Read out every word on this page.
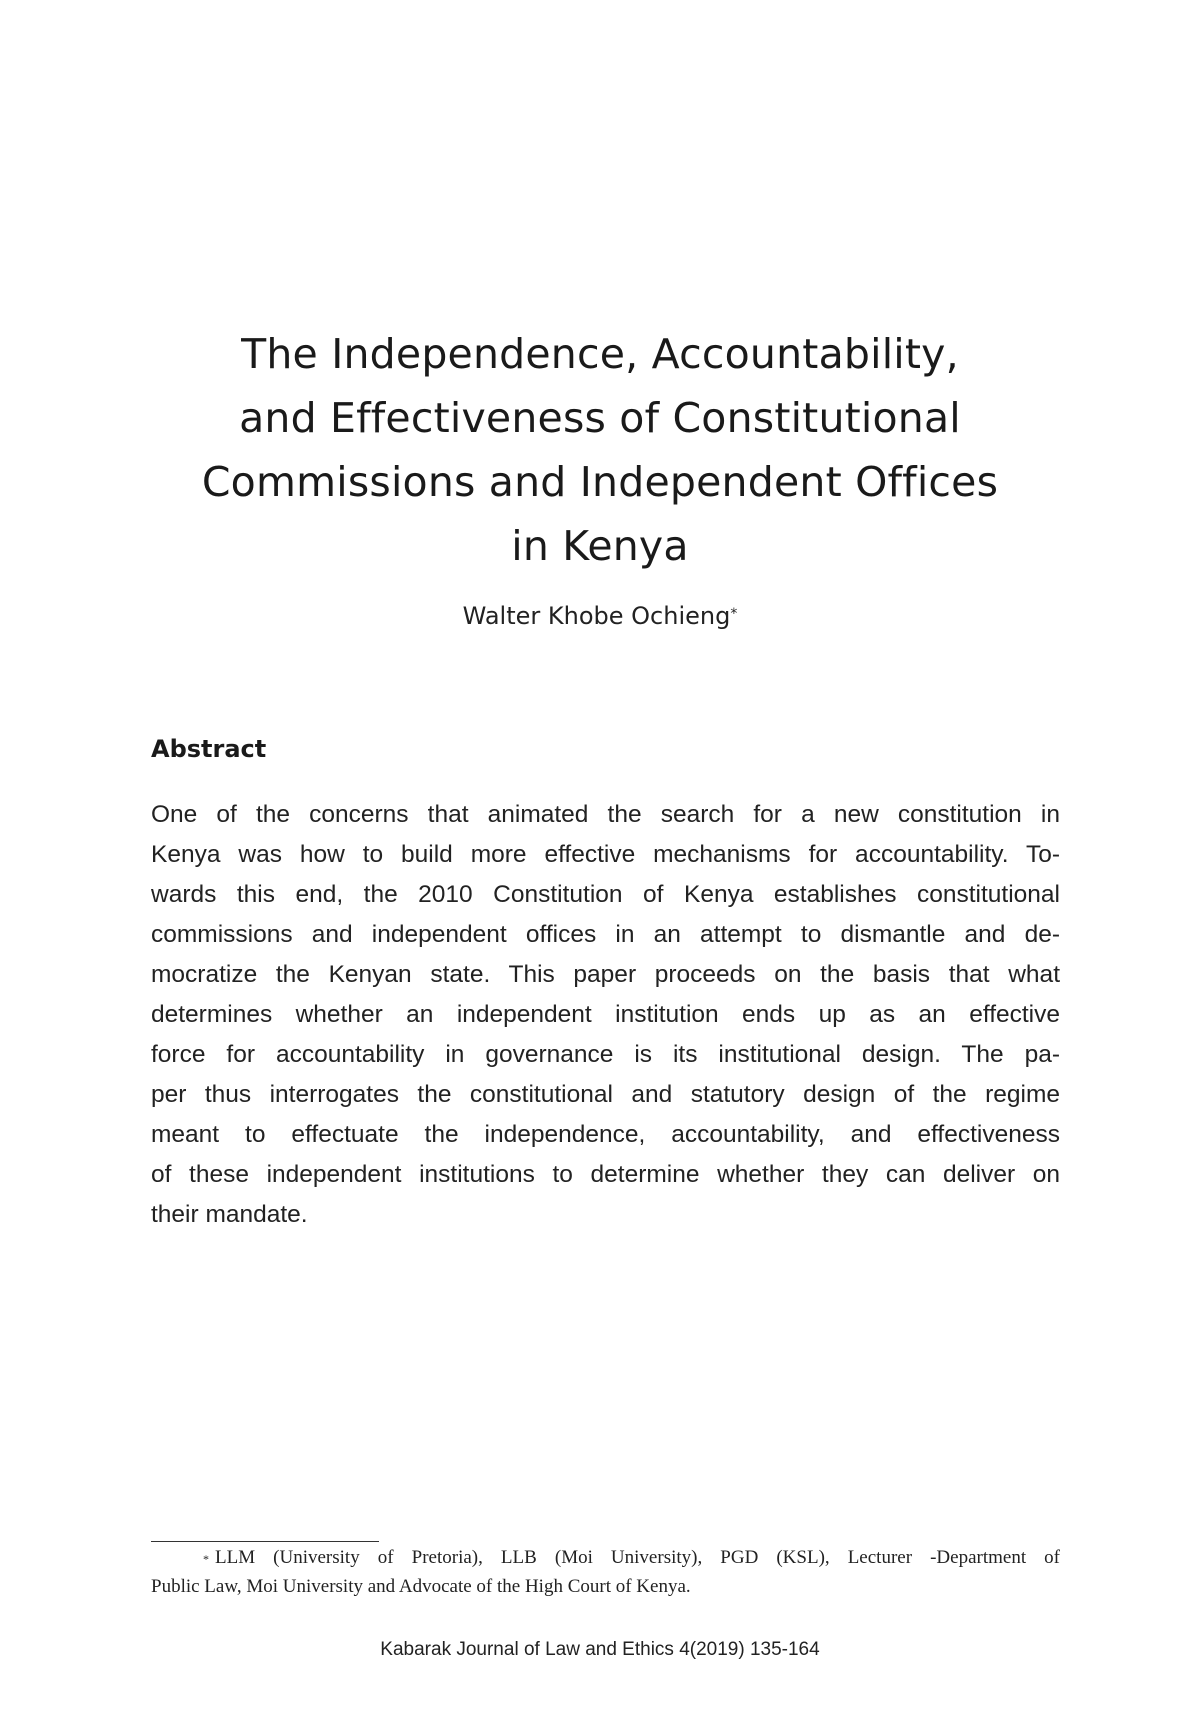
The Independence, Accountability,
and Effectiveness of Constitutional
Commissions and Independent Offices
in Kenya
Walter Khobe Ochieng*
Abstract

One of the concerns that animated the search for a new constitution in
Kenya was how to build more effective mechanisms for accountability. To-
wards this end, the 2010 Constitution of Kenya establishes constitutional
commissions and independent offices in an attempt to dismantle and de-
mocratize the Kenyan state. This paper proceeds on the basis that what
determines whether an independent institution ends up as an effective
force for accountability in governance is its institutional design. The pa-
per thus interrogates the constitutional and statutory design of the regime
meant to effectuate the independence, accountability, and effectiveness
of these independent institutions to determine whether they can deliver on
their mandate.

* LLM (University of Pretoria), LLB (Moi University), PGD (KSL), Lecturer -Department of
Public Law, Moi University and Advocate of the High Court of Kenya.

Kabarak Journal of Law and Ethics 4(2019) 135-164
